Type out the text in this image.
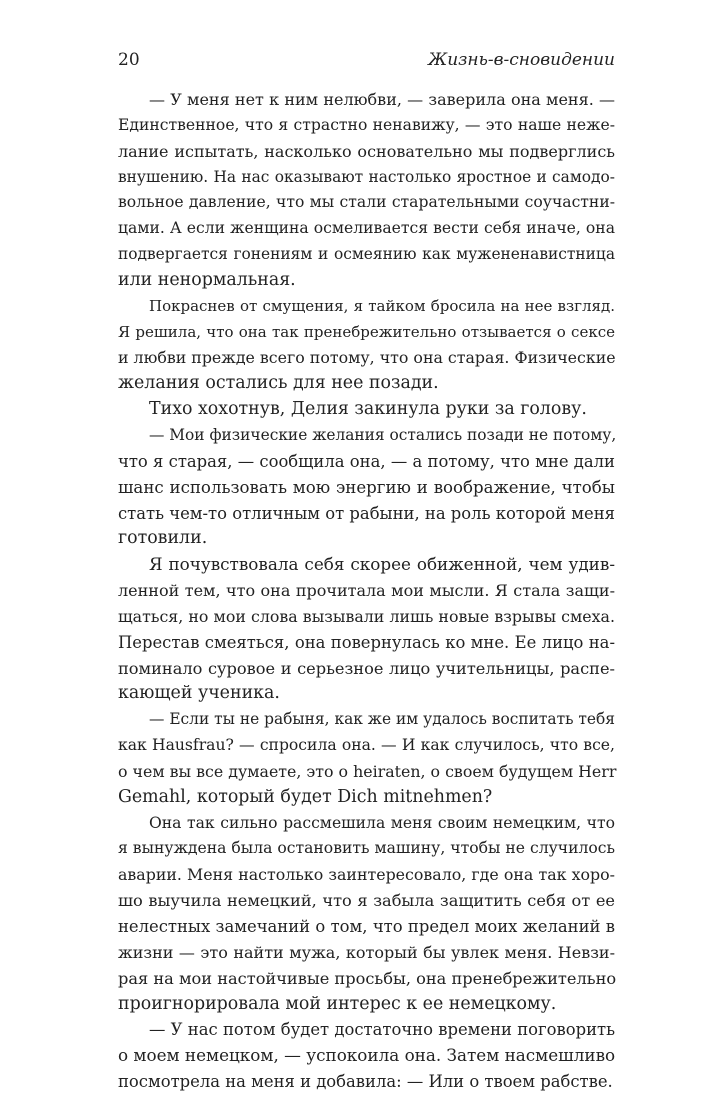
20	Жизнь-в-сновидении
— У меня нет к ним нелюбви, — заверила она меня. —
Единственное, что я страстно ненавижу, — это наше неже-
лание испытать, насколько основательно мы подверглись
внушению. На нас оказывают настолько яростное и самодо-
вольное давление, что мы стали старательными соучастни-
цами. А если женщина осмеливается вести себя иначе, она
подвергается гонениям и осмеянию как мужененавистница
или ненормальная.
Покраснев от смущения, я тайком бросила на нее взгляд.
Я решила, что она так пренебрежительно отзывается о сексе
и любви прежде всего потому, что она старая. Физические
желания остались для нее позади.
Тихо хохотнув, Делия закинула руки за голову.
— Мои физические желания остались позади не потому,
что я старая, — сообщила она, — а потому, что мне дали
шанс использовать мою энергию и воображение, чтобы
стать чем-то отличным от рабыни, на роль которой меня
готовили.
Я почувствовала себя скорее обиженной, чем удив-
ленной тем, что она прочитала мои мысли. Я стала защи-
щаться, но мои слова вызывали лишь новые взрывы смеха.
Перестав смеяться, она повернулась ко мне. Ее лицо на-
поминало суровое и серьезное лицо учительницы, распе-
кающей ученика.
— Если ты не рабыня, как же им удалось воспитать тебя
как Hausfrau? — спросила она. — И как случилось, что все,
о чем вы все думаете, это о heiraten, о своем будущем Herr
Gemahl, который будет Dich mitnehmen?
Она так сильно рассмешила меня своим немецким, что
я вынуждена была остановить машину, чтобы не случилось
аварии. Меня настолько заинтересовало, где она так хоро-
шо выучила немецкий, что я забыла защитить себя от ее
нелестных замечаний о том, что предел моих желаний в
жизни — это найти мужа, который бы увлек меня. Невзи-
рая на мои настойчивые просьбы, она пренебрежительно
проигнорировала мой интерес к ее немецкому.
— У нас потом будет достаточно времени поговорить
о моем немецком, — успокоила она. Затем насмешливо
посмотрела на меня и добавила: — Или о твоем рабстве.
